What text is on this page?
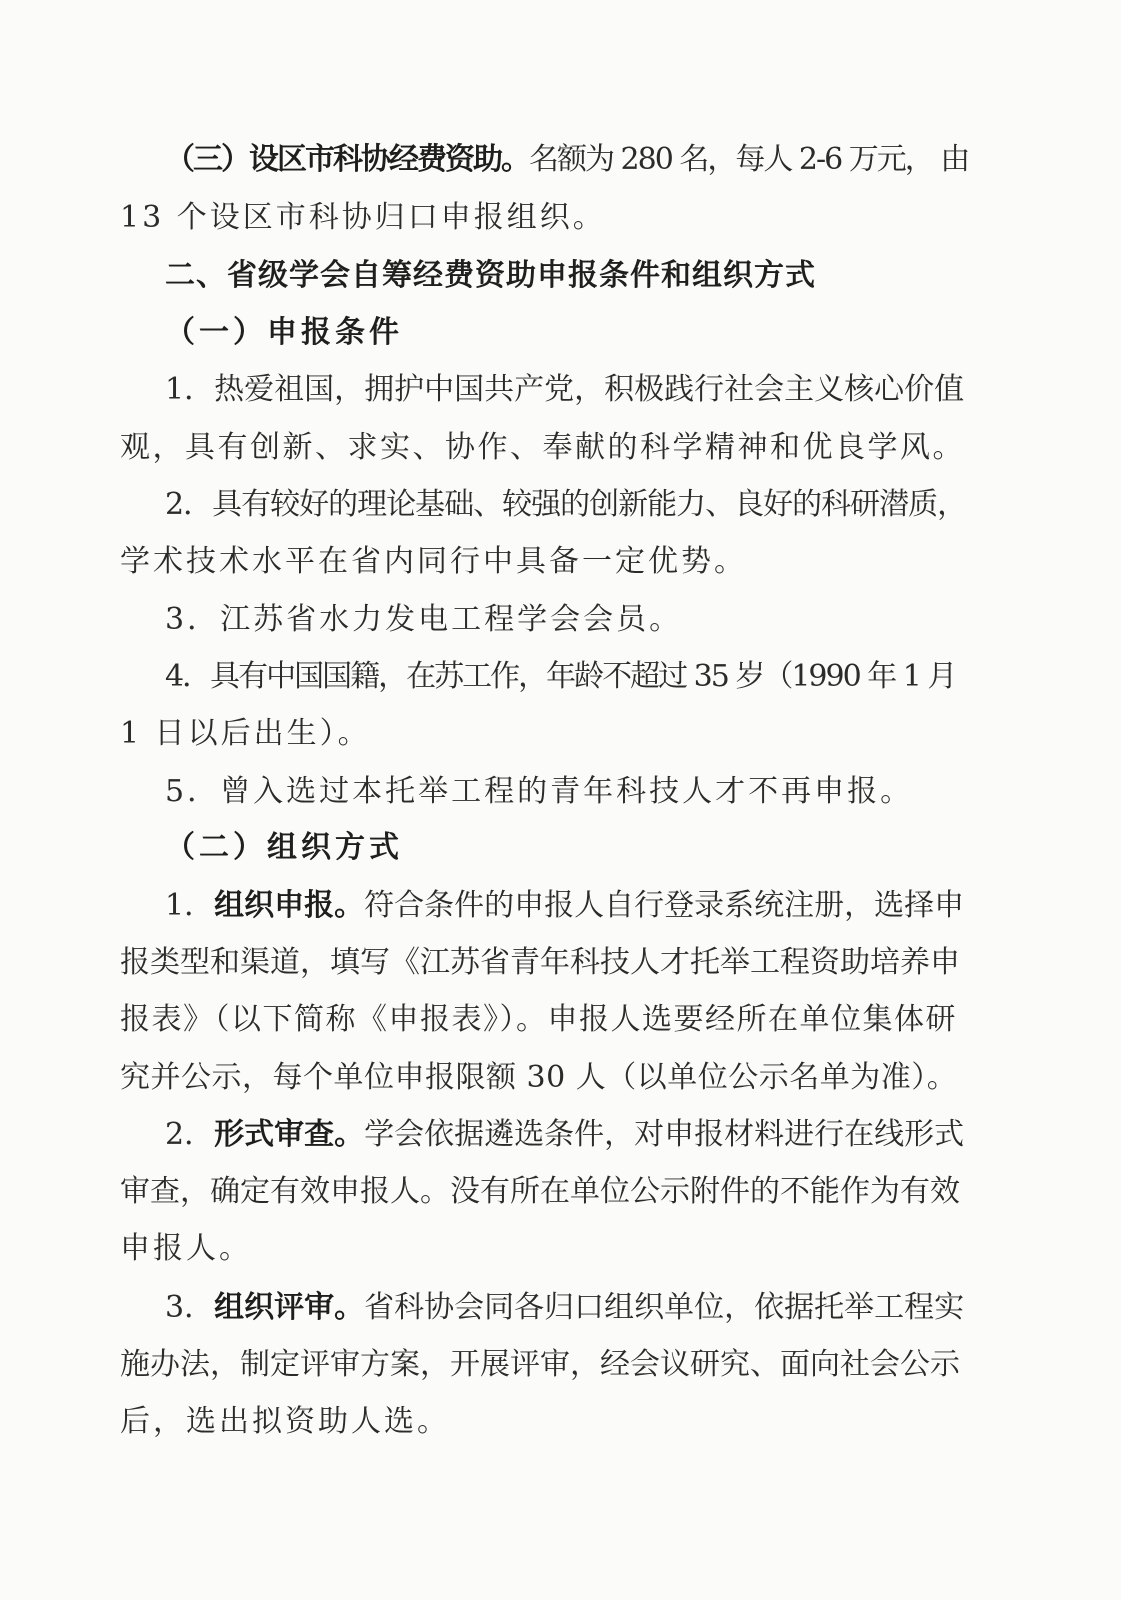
（三）设区市科协经费资助。名额为 280 名，每人 2-6 万元， 由
13 个设区市科协归口申报组织。
二、省级学会自筹经费资助申报条件和组织方式
（一）申报条件
1．热爱祖国，拥护中国共产党，积极践行社会主义核心价值
观，具有创新、求实、协作、奉献的科学精神和优良学风。
2．具有较好的理论基础、较强的创新能力、良好的科研潜质，
学术技术水平在省内同行中具备一定优势。
3．江苏省水力发电工程学会会员。
4．具有中国国籍，在苏工作，年龄不超过 35 岁（1990 年 1 月
1 日以后出生）。
5．曾入选过本托举工程的青年科技人才不再申报。
（二）组织方式
1．组织申报。符合条件的申报人自行登录系统注册，选择申
报类型和渠道，填写《江苏省青年科技人才托举工程资助培养申
报表》（以下简称《申报表》）。申报人选要经所在单位集体研
究并公示，每个单位申报限额 30 人（以单位公示名单为准）。
2．形式审查。学会依据遴选条件，对申报材料进行在线形式
审查，确定有效申报人。没有所在单位公示附件的不能作为有效
申报人。
3．组织评审。省科协会同各归口组织单位，依据托举工程实
施办法，制定评审方案，开展评审，经会议研究、面向社会公示
后，选出拟资助人选。
